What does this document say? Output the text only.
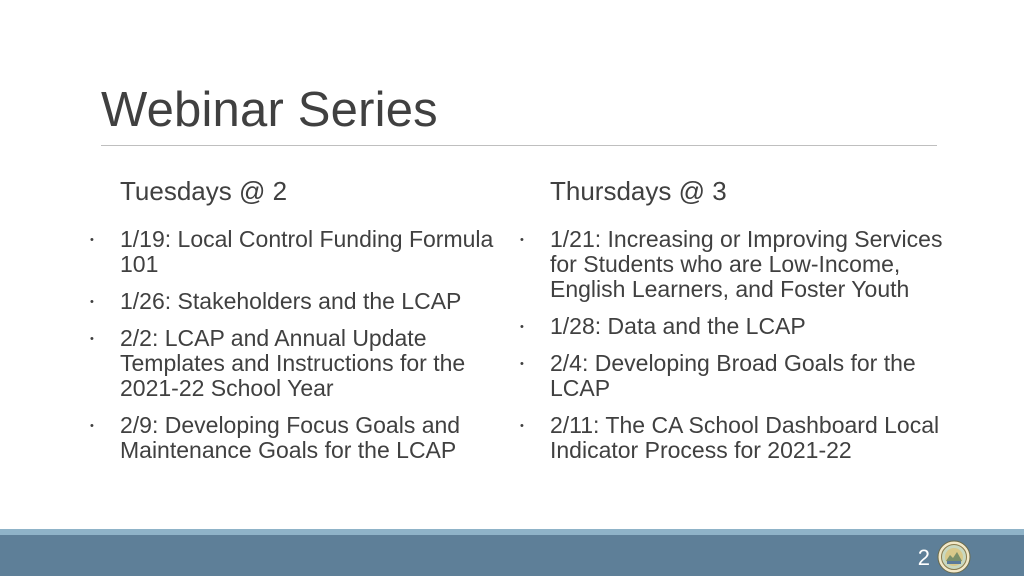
Webinar Series
Tuesdays @ 2
• 1/19: Local Control Funding Formula 101
• 1/26: Stakeholders and the LCAP
• 2/2: LCAP and Annual Update Templates and Instructions for the 2021-22 School Year
• 2/9: Developing Focus Goals and Maintenance Goals for the LCAP
Thursdays @ 3
• 1/21: Increasing or Improving Services for Students who are Low-Income, English Learners, and Foster Youth
• 1/28: Data and the LCAP
• 2/4: Developing Broad Goals for the LCAP
• 2/11: The CA School Dashboard Local Indicator Process for 2021-22
2
